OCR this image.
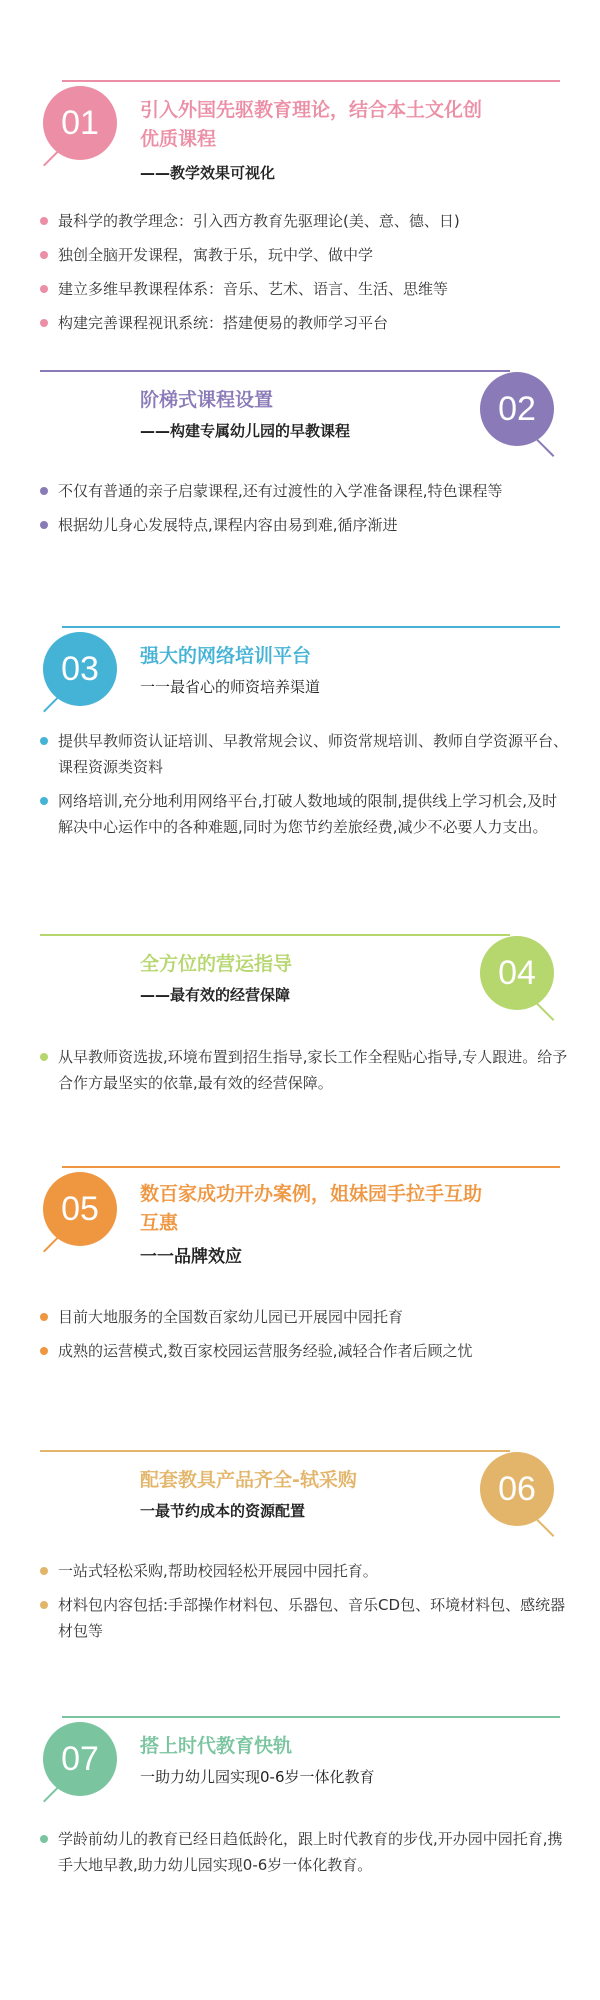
01	引入外国先驱教育理论，结合本土文化创
优质课程
——教学效果可视化
最科学的教学理念：引入西方教育先驱理论(美、意、德、日)
独创全脑开发课程，寓教于乐，玩中学、做中学
建立多维早教课程体系：音乐、艺术、语言、生活、思维等
构建完善课程视讯系统：搭建便易的教师学习平台
02
阶梯式课程设置
——构建专属幼儿园的早教课程
不仅有普通的亲子启蒙课程,还有过渡性的入学准备课程,特色课程等
根据幼儿身心发展特点,课程内容由易到难,循序渐进
03	强大的网络培训平台
一一最省心的师资培养渠道
提供早教师资认证培训、早教常规会议、师资常规培训、教师自学资源平台、课程资源类资料
网络培训,充分地利用网络平台,打破人数地域的限制,提供线上学习机会,及时解决中心运作中的各种难题,同时为您节约差旅经费,减少不必要人力支出。
04
全方位的营运指导
——最有效的经营保障
从早教师资选拔,环境布置到招生指导,家长工作全程贴心指导,专人跟进。给予合作方最坚实的依靠,最有效的经营保障。
05	数百家成功开办案例，姐妹园手拉手互助
互惠
一一品牌效应
目前大地服务的全国数百家幼儿园已开展园中园托育
成熟的运营模式,数百家校园运营服务经验,减轻合作者后顾之忧
06
配套教具产品齐全-轼采购
一最节约成本的资源配置
一站式轻松采购,帮助校园轻松开展园中园托育。
材料包内容包括:手部操作材料包、乐器包、音乐CD包、环境材料包、感统器材包等
07	搭上时代教育快轨
一助力幼儿园实现0-6岁一体化教育
学龄前幼儿的教育已经日趋低龄化，跟上时代教育的步伐,开办园中园托育,携手大地早教,助力幼儿园实现0-6岁一体化教育。
